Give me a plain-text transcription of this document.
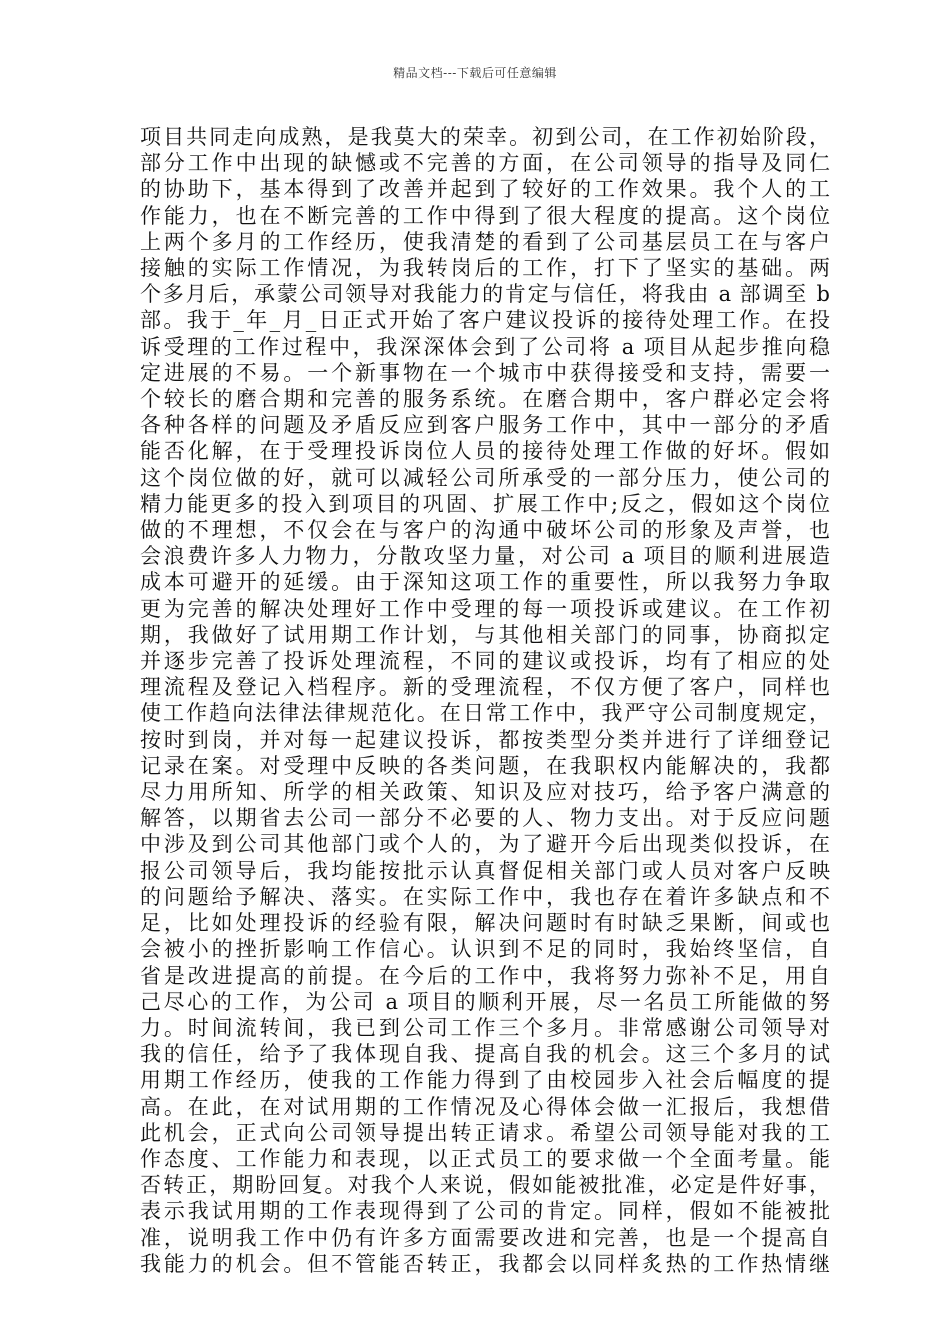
精品文档---下载后可任意编辑
项目共同走向成熟，是我莫大的荣幸。初到公司，在工作初始阶段，
部分工作中出现的缺憾或不完善的方面，在公司领导的指导及同仁
的协助下，基本得到了改善并起到了较好的工作效果。我个人的工
作能力，也在不断完善的工作中得到了很大程度的提高。这个岗位
上两个多月的工作经历，使我清楚的看到了公司基层员工在与客户
接触的实际工作情况，为我转岗后的工作，打下了坚实的基础。两
个多月后，承蒙公司领导对我能力的肯定与信任，将我由 a 部调至 b
部。我于_年_月_日正式开始了客户建议投诉的接待处理工作。在投
诉受理的工作过程中，我深深体会到了公司将 a 项目从起步推向稳
定进展的不易。一个新事物在一个城市中获得接受和支持，需要一
个较长的磨合期和完善的服务系统。在磨合期中，客户群必定会将
各种各样的问题及矛盾反应到客户服务工作中，其中一部分的矛盾
能否化解，在于受理投诉岗位人员的接待处理工作做的好坏。假如
这个岗位做的好，就可以减轻公司所承受的一部分压力，使公司的
精力能更多的投入到项目的巩固、扩展工作中;反之，假如这个岗位
做的不理想，不仅会在与客户的沟通中破坏公司的形象及声誉，也
会浪费许多人力物力，分散攻坚力量，对公司 a 项目的顺利进展造
成本可避开的延缓。由于深知这项工作的重要性，所以我努力争取
更为完善的解决处理好工作中受理的每一项投诉或建议。在工作初
期，我做好了试用期工作计划，与其他相关部门的同事，协商拟定
并逐步完善了投诉处理流程，不同的建议或投诉，均有了相应的处
理流程及登记入档程序。新的受理流程，不仅方便了客户，同样也
使工作趋向法律法律规范化。在日常工作中，我严守公司制度规定，
按时到岗，并对每一起建议投诉，都按类型分类并进行了详细登记
记录在案。对受理中反映的各类问题，在我职权内能解决的，我都
尽力用所知、所学的相关政策、知识及应对技巧，给予客户满意的
解答，以期省去公司一部分不必要的人、物力支出。对于反应问题
中涉及到公司其他部门或个人的，为了避开今后出现类似投诉，在
报公司领导后，我均能按批示认真督促相关部门或人员对客户反映
的问题给予解决、落实。在实际工作中，我也存在着许多缺点和不
足，比如处理投诉的经验有限，解决问题时有时缺乏果断，间或也
会被小的挫折影响工作信心。认识到不足的同时，我始终坚信，自
省是改进提高的前提。在今后的工作中，我将努力弥补不足，用自
己尽心的工作，为公司 a 项目的顺利开展，尽一名员工所能做的努
力。时间流转间，我已到公司工作三个多月。非常感谢公司领导对
我的信任，给予了我体现自我、提高自我的机会。这三个多月的试
用期工作经历，使我的工作能力得到了由校园步入社会后幅度的提
高。在此，在对试用期的工作情况及心得体会做一汇报后，我想借
此机会，正式向公司领导提出转正请求。希望公司领导能对我的工
作态度、工作能力和表现，以正式员工的要求做一个全面考量。能
否转正，期盼回复。对我个人来说，假如能被批准，必定是件好事，
表示我试用期的工作表现得到了公司的肯定。同样，假如不能被批
准，说明我工作中仍有许多方面需要改进和完善，也是一个提高自
我能力的机会。但不管能否转正，我都会以同样炙热的工作热情继
